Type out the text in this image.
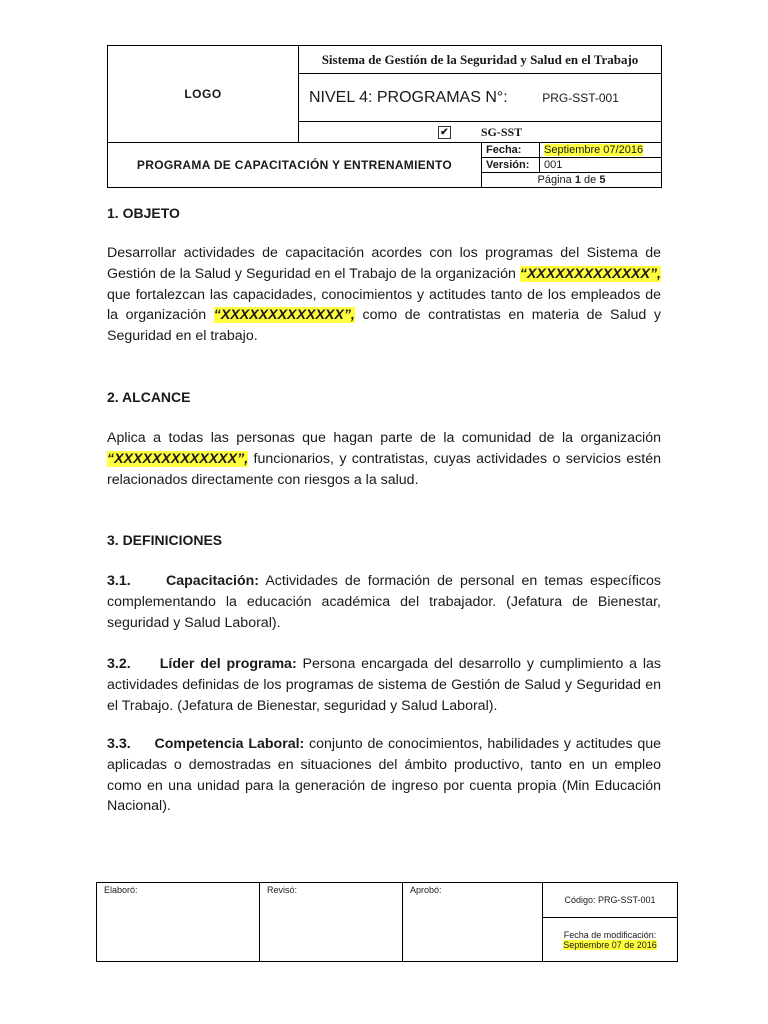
LOGO	Sistema de Gestión de la Seguridad y Salud en el Trabajo		
	NIVEL 4: PROGRAMAS N°: PRG-SST-001		
	✔ SG-SST		
PROGRAMA DE CAPACITACIÓN Y ENTRENAMIENTO		Fecha:	Septiembre 07/2016
		Versión:	001
		Página 1 de 5	
1. OBJETO
Desarrollar actividades de capacitación acordes con los programas del Sistema de Gestión de la Salud y Seguridad en el Trabajo de la organización “XXXXXXXXXXXXX”, que fortalezcan las capacidades, conocimientos y actitudes tanto de los empleados de la organización “XXXXXXXXXXXXX”, como de contratistas en materia de Salud y Seguridad en el trabajo.
2. ALCANCE
Aplica a todas las personas que hagan parte de la comunidad de la organización “XXXXXXXXXXXXX”, funcionarios, y contratistas, cuyas actividades o servicios estén relacionados directamente con riesgos a la salud.
3. DEFINICIONES
3.1.     Capacitación: Actividades de formación de personal en temas específicos complementando la educación académica del trabajador. (Jefatura de Bienestar, seguridad y Salud Laboral).
3.2.     Líder del programa: Persona encargada del desarrollo y cumplimiento a las actividades definidas de los programas de sistema de Gestión de Salud y Seguridad en el Trabajo. (Jefatura de Bienestar, seguridad y Salud Laboral).
3.3.     Competencia Laboral: conjunto de conocimientos, habilidades y actitudes que aplicadas o demostradas en situaciones del ámbito productivo, tanto en un empleo como en una unidad para la generación de ingreso por cuenta propia (Min Educación Nacional).
Elaboró:	Revisó:	Aprobó:	Código: PRG-SST-001

Fecha de modificación:
Septiembre 07 de 2016
